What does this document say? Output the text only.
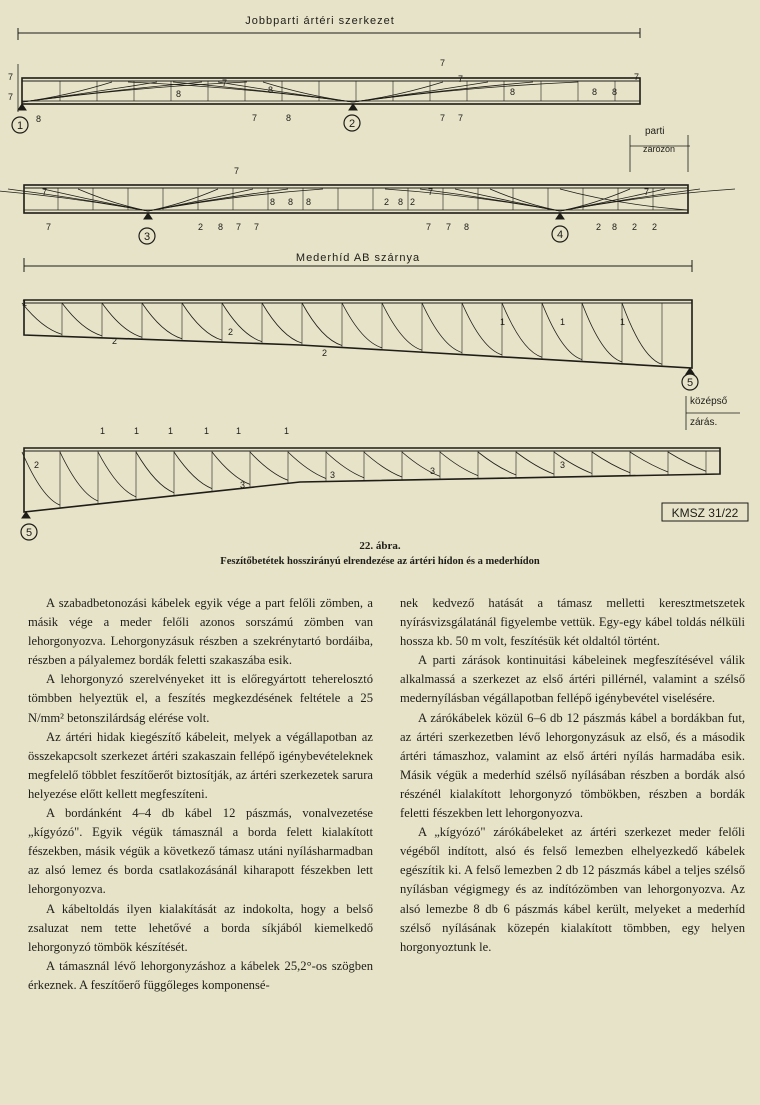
Jobbparti ártéri szerkezet
1	2
7
7	8
7
8
7
7
8	8 8
7
8	7	8	7 7
parti
zárózón
3	4
7
7
8 8 8	2 8 2
7	7
7	2 8 7 7	7 7 8	2 8 2 2
Mederhíd AB szárnya
5
1
2
2
2
1	1	1
középső
zárás.
5
KMSZ 31/22
1	1	1	1	1	1
2
3
3	3
3
22. ábra.
Feszítőbetétek hosszirányú elrendezése az ártéri hídon és a mederhídon

A szabadbetonozási kábelek egyik vége a part felőli zömben, a másik vége a meder felőli azonos sorszámú zömben van lehorgonyozva. Lehorgonyzásuk részben a szekrénytartó bordáiba, részben a pályalemez bordák feletti szakaszába esik.

A lehorgonyzó szerelvényeket itt is előregyártott teherelosztó tömbben helyeztük el, a feszítés megkezdésének feltétele a 25 N/mm² betonszilárdság elérése volt.

Az ártéri hidak kiegészítő kábeleit, melyek a végállapotban az összekapcsolt szerkezet ártéri szakaszain fellépő igénybevételeknek megfelelő többlet feszítőerőt biztosítják, az ártéri szerkezetek sarura helyezése előtt kellett megfeszíteni.

A bordánként 4–4 db kábel 12 pászmás, vonalvezetése „kígyózó". Egyik végük támasznál a borda felett kialakított fészekben, másik végük a következő támasz utáni nyílásharmadban az alsó lemez és borda csatlakozásánál kiharapott fészekben lett lehorgonyozva.

A kábeltoldás ilyen kialakítását az indokolta, hogy a belső zsaluzat nem tette lehetővé a borda síkjából kiemelkedő lehorgonyzó tömbök készítését.

A támasznál lévő lehorgonyzáshoz a kábelek 25,2°-os szögben érkeznek. A feszítőerő függőleges komponensé-

nek kedvező hatását a támasz melletti keresztmetszetek nyírásvizsgálatánál figyelembe vettük. Egy-egy kábel toldás nélküli hossza kb. 50 m volt, feszítésük két oldaltól történt.

A parti zárások kontinuitási kábeleinek megfeszítésével válik alkalmassá a szerkezet az első ártéri pillérnél, valamint a szélső medernyílásban végállapotban fellépő igénybevétel viselésére.

A zárókábelek közül 6–6 db 12 pászmás kábel a bordákban fut, az ártéri szerkezetben lévő lehorgonyzásuk az első, és a második ártéri támaszhoz, valamint az első ártéri nyílás harmadába esik. Másik végük a mederhíd szélső nyílásában részben a bordák alsó részénél kialakított lehorgonyzó tömbökben, részben a bordák feletti fészekben lett lehorgonyozva.

A „kígyózó" zárókábeleket az ártéri szerkezet meder felőli végéből indított, alsó és felső lemezben elhelyezkedő kábelek egészítik ki. A felső lemezben 2 db 12 pászmás kábel a teljes szélső nyílásban végigmegy és az indítózömben van lehorgonyozva. Az alsó lemezbe 8 db 6 pászmás kábel került, melyeket a mederhíd szélső nyílásának közepén kialakított tömbben, egy helyen horgonyoztunk le.
